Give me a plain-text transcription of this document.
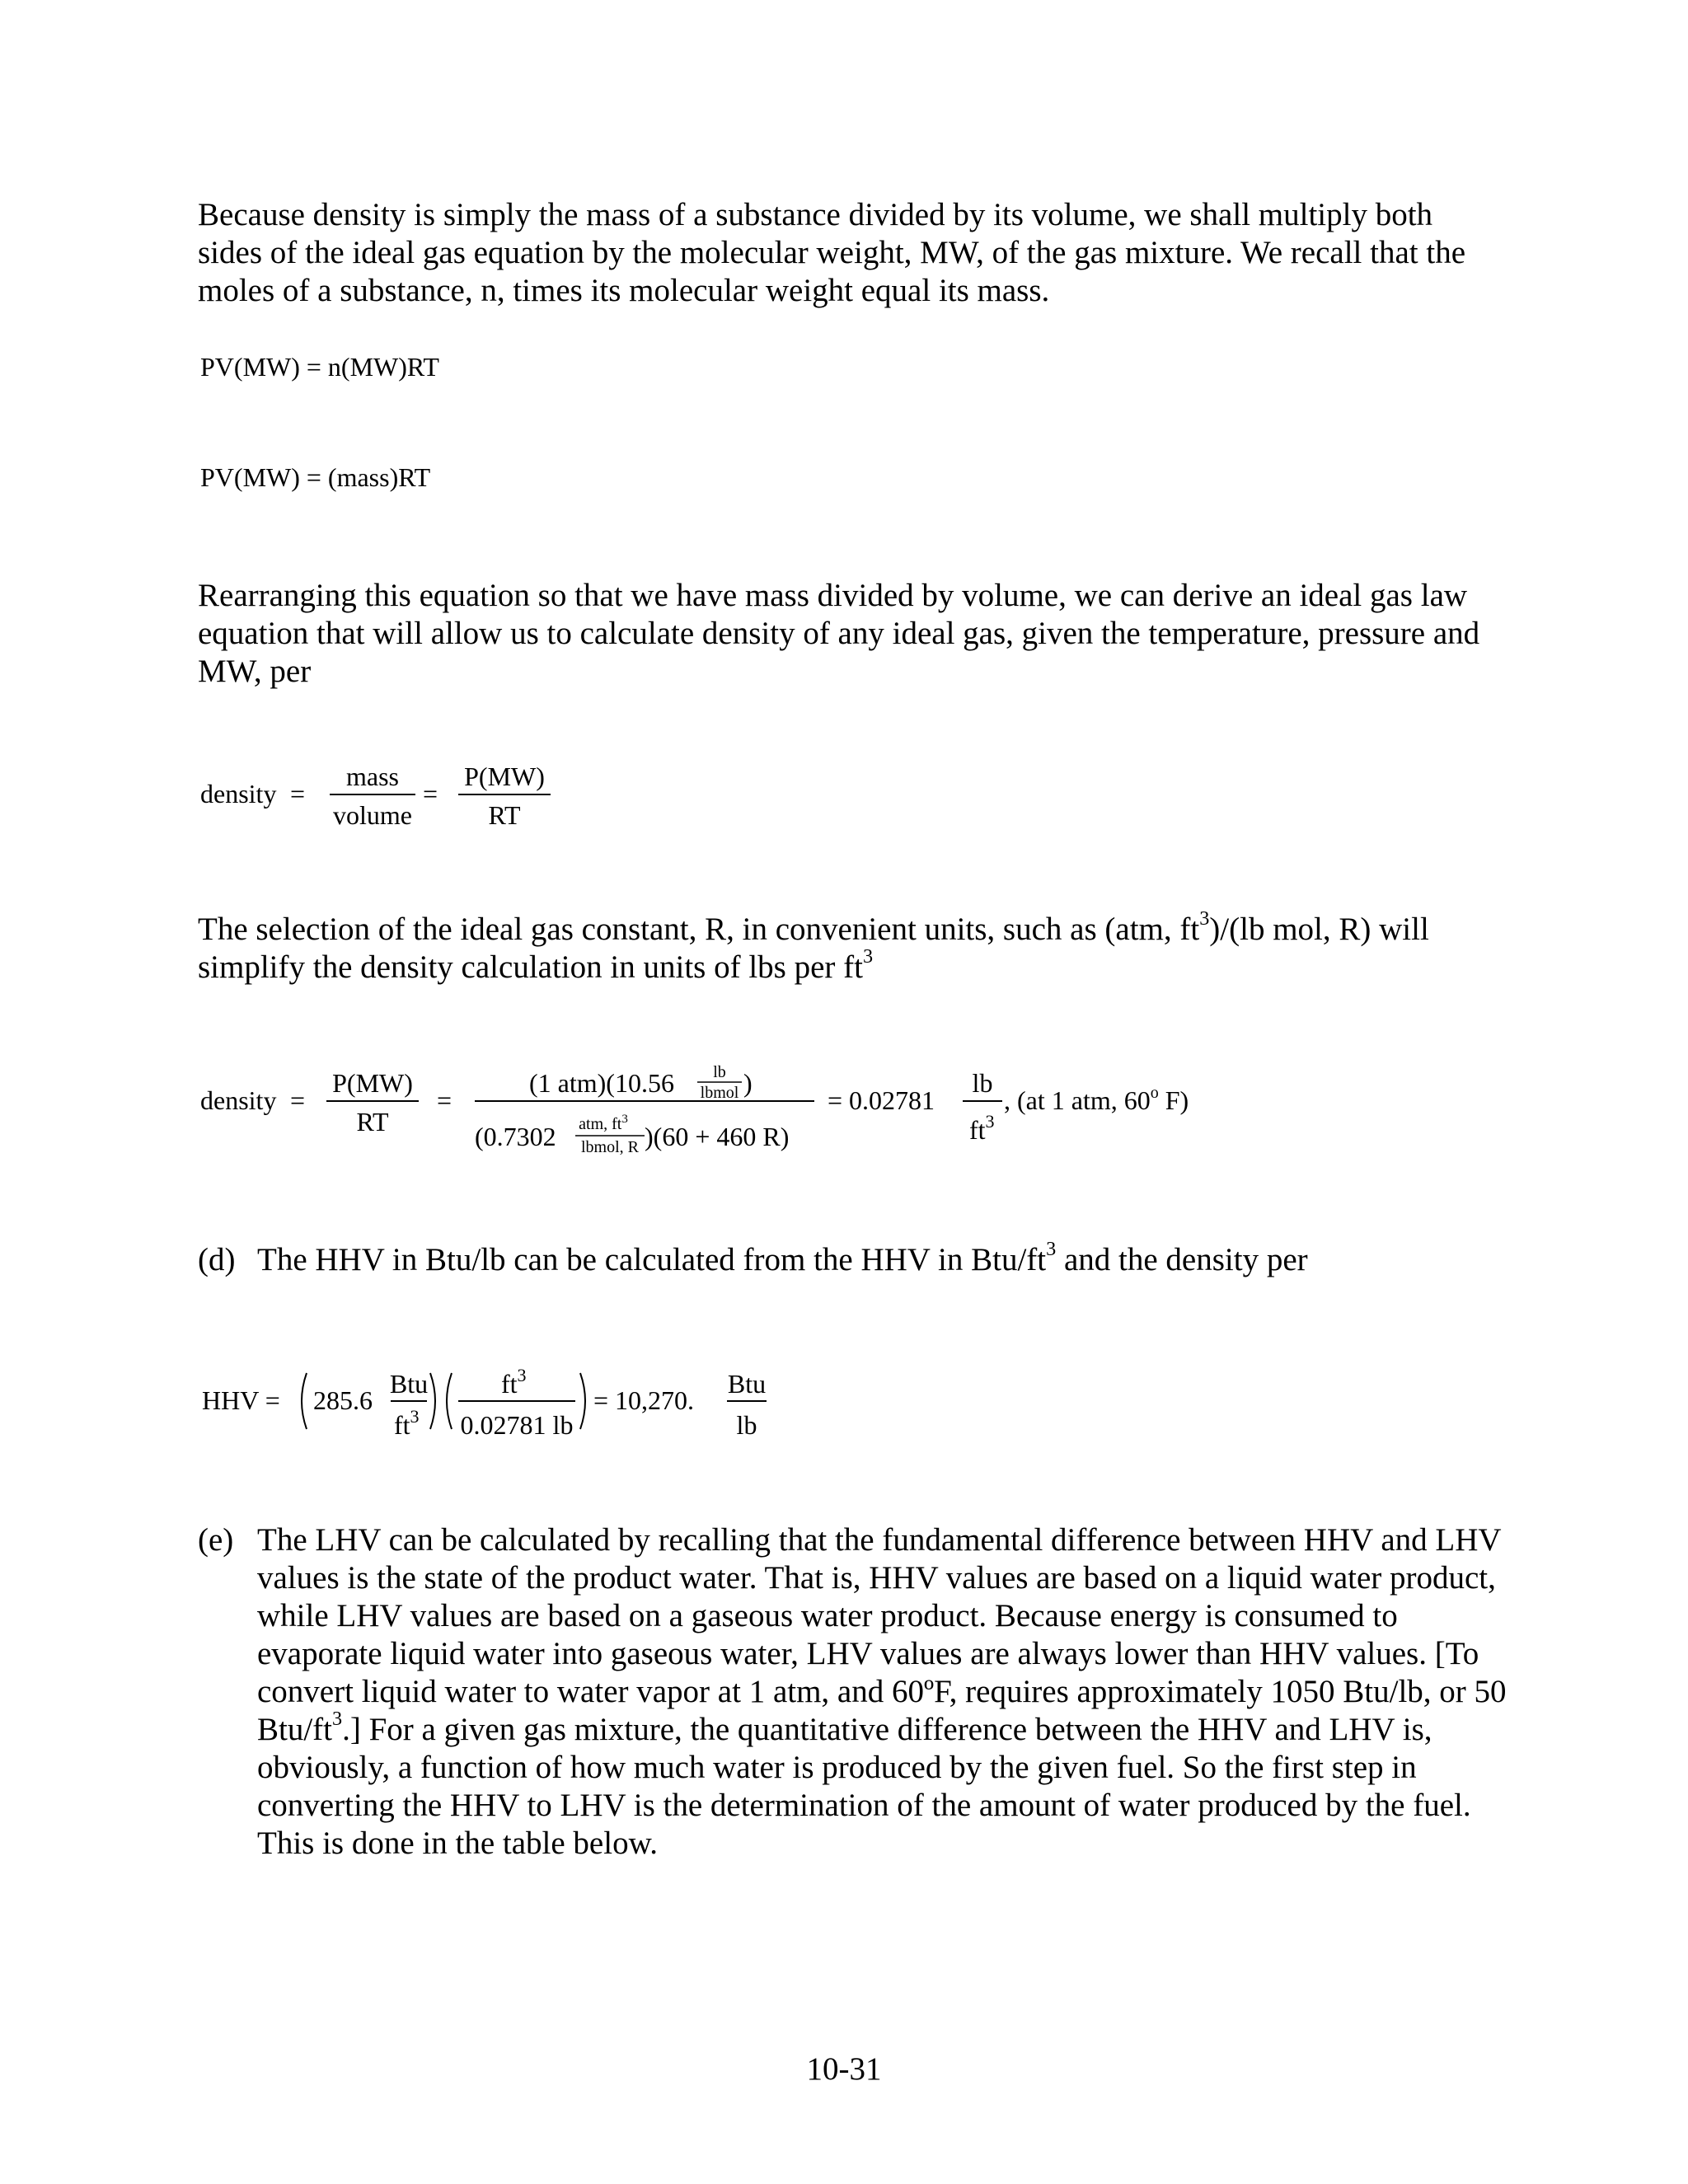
Because density is simply the mass of a substance divided by its volume, we shall multiply both sides of the ideal gas equation by the molecular weight, MW, of the gas mixture. We recall that the moles of a substance, n, times its molecular weight equal its mass.

PV(MW) = n(MW)RT
PV(MW) = (mass)RT

Rearranging this equation so that we have mass divided by volume, we can derive an ideal gas law equation that will allow us to calculate density of any ideal gas, given the temperature, pressure and MW, per

The selection of the ideal gas constant, R, in convenient units, such as (atm, $ft^3)/(lb$ mol, R) will simplify the density calculation in units of lbs per $ft^3$

(d) The HHV in Btu/lb can be calculated from the HHV in Btu/$ft^3$ and the density per
(e) The LHV can be calculated by recalling that the fundamental difference between HHV and LHV values is the state of the product water. That is, HHV values are based on a liquid water product, while LHV values are based on a gaseous water product. Because energy is consumed to evaporate liquid water into gaseous water, LHV values are always lower than HHV values. [To convert liquid water to water vapor at 1 atm, and 60ºF, requires approximately 1050 Btu/lb, or 50 Btu/$ft^3$.] For a given gas mixture, the quantitative difference between the HHV and LHV is, obviously, a function of how much water is produced by the given fuel. So the first step in converting the HHV to LHV is the determination of the amount of water produced by the fuel. This is done in the table below.
10-31
density =
mass
volume
=
P(MW)
RT
density =
P(MW)
RT
=
(1 atm)(10.56 lb
lbmol )
(0.7302 atm, $ft^3$
lbmol, R )(60 + 460 R)
= 0.02781
lb
$ft^3$
, (at 1 atm, 60$^o$ F)
HHV = 285.6
Btu
$ft^3$
$ft^3$
0.02781 lb
= 10,270.
Btu
lb
